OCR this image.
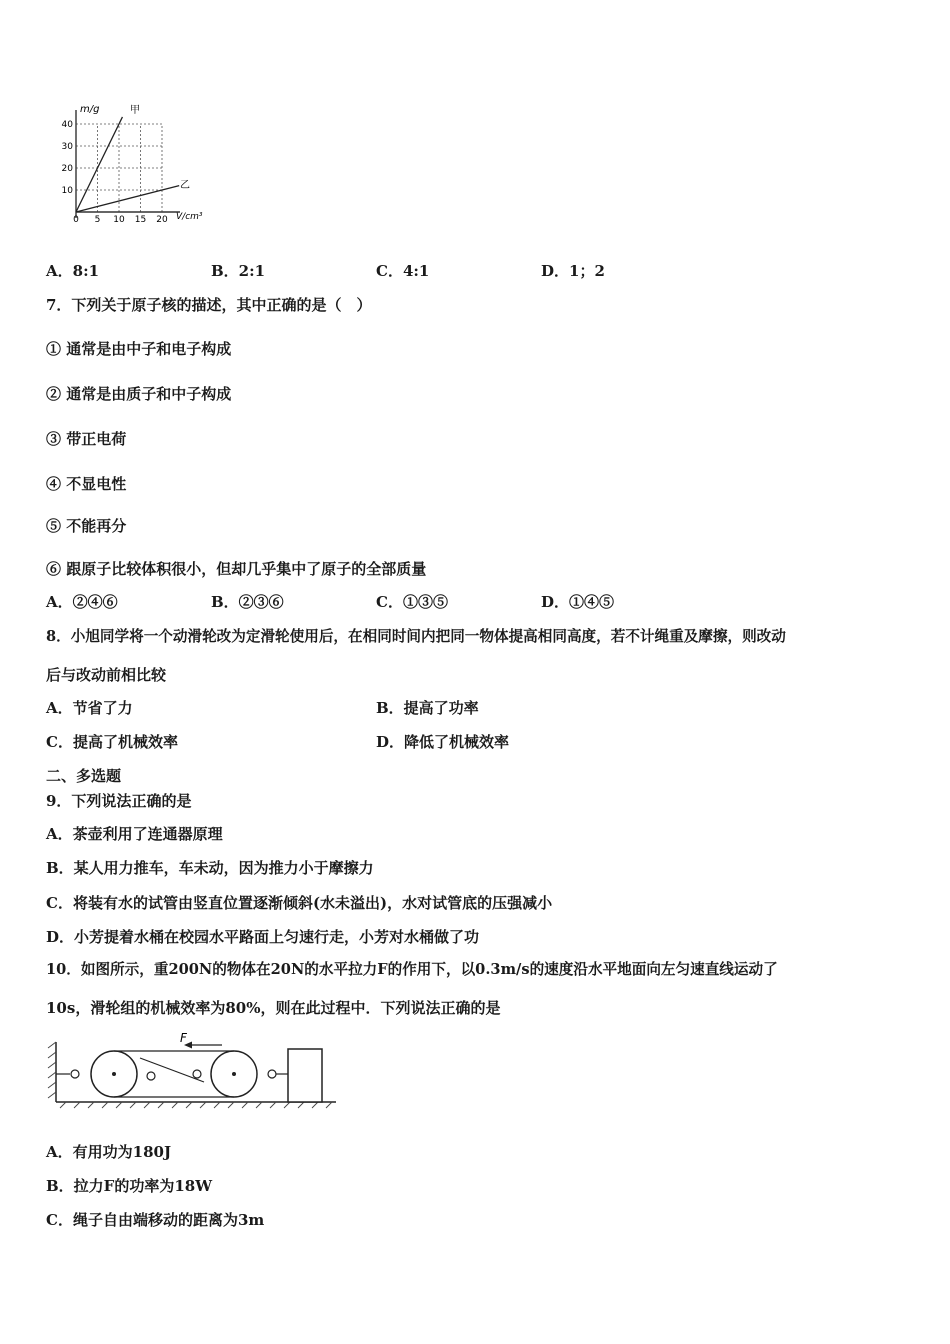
m/g
V/cm³
甲
乙
10
20
30
40
0 5 10 15 20
A．8:1	B．2:1	C．4:1	D．1；2
7．下列关于原子核的描述，其中正确的是（　）
① 通常是由中子和电子构成
② 通常是由质子和中子构成
③ 带正电荷
④ 不显电性
⑤ 不能再分
⑥ 跟原子比较体积很小，但却几乎集中了原子的全部质量
A．②④⑥	B．②③⑥	C．①③⑤	D．①④⑤
8．小旭同学将一个动滑轮改为定滑轮使用后，在相同时间内把同一物体提高相同高度，若不计绳重及摩擦，则改动
后与改动前相比较
A．节省了力	B．提高了功率
C．提高了机械效率	D．降低了机械效率
二、多选题
9．下列说法正确的是
A．茶壶利用了连通器原理
B．某人用力推车，车未动，因为推力小于摩擦力
C．将装有水的试管由竖直位置逐渐倾斜(水未溢出)，水对试管底的压强减小
D．小芳提着水桶在校园水平路面上匀速行走，小芳对水桶做了功
10．如图所示，重200N的物体在20N的水平拉力F的作用下，以0.3m/s的速度沿水平地面向左匀速直线运动了
10s，滑轮组的机械效率为80%，则在此过程中．下列说法正确的是
F
A．有用功为180J
B．拉力F的功率为18W
C．绳子自由端移动的距离为3m
